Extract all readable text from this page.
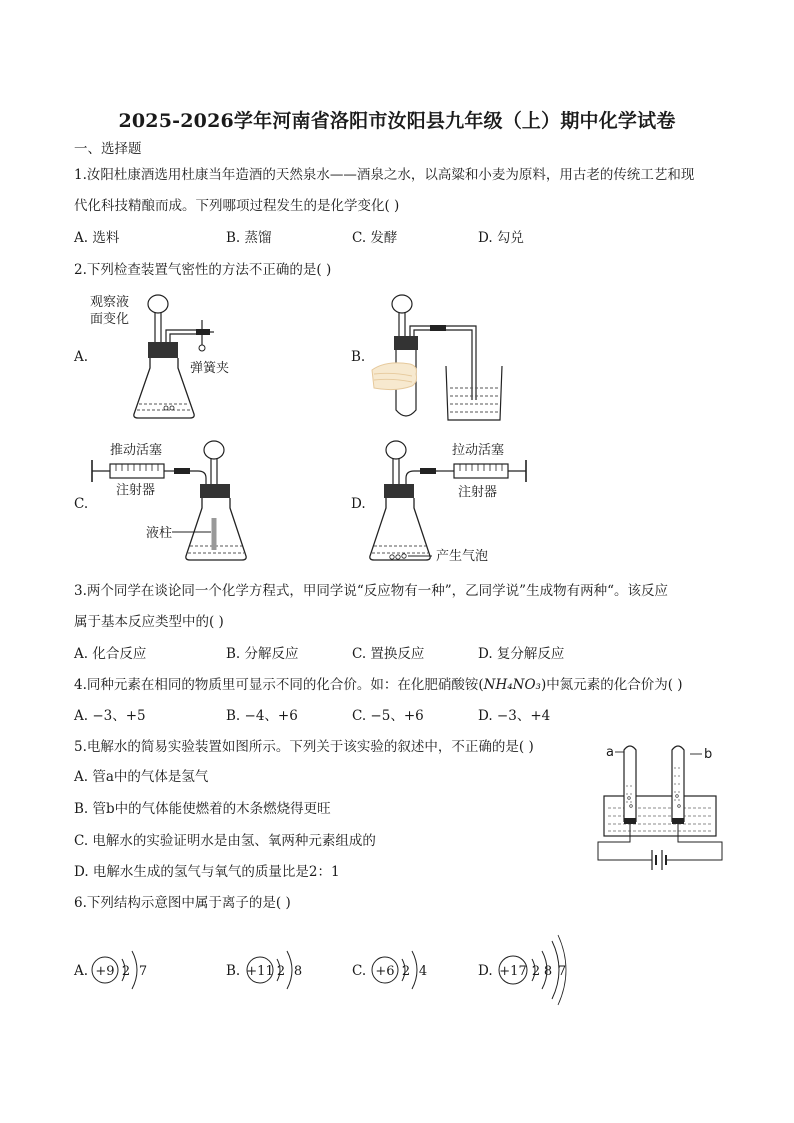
2025-2026学年河南省洛阳市汝阳县九年级（上）期中化学试卷
一、选择题
1.汝阳杜康酒选用杜康当年造酒的天然泉水——酒泉之水，以高粱和小麦为原料，用古老的传统工艺和现
代化科技精酿而成。下列哪项过程发生的是化学变化( )
A. 选料	B. 蒸馏	C. 发酵	D. 勾兑
2.下列检查装置气密性的方法不正确的是( )
A.	B.
C.	D.
观察液
面变化
弹簧夹
推动活塞
注射器
液柱
拉动活塞
注射器
产生气泡
3.两个同学在谈论同一个化学方程式，甲同学说“反应物有一种”，乙同学说”生成物有两种“。该反应
属于基本反应类型中的( )
A. 化合反应	B. 分解反应	C. 置换反应	D. 复分解反应
4.同种元素在相同的物质里可显示不同的化合价。如：在化肥硝酸铵(NH₄NO₃)中氮元素的化合价为( )
A. −3、+5	B. −4、+6	C. −5、+6	D. −3、+4
5.电解水的简易实验装置如图所示。下列关于该实验的叙述中，不正确的是( )
A. 管a中的气体是氢气
B. 管b中的气体能使燃着的木条燃烧得更旺
C. 电解水的实验证明水是由氢、氧两种元素组成的
D. 电解水生成的氢气与氧气的质量比是2：1
a	b
6.下列结构示意图中属于离子的是( )
A. +9 2 7	B. +11 2 8	C. +6 2 4	D. +17 2 8 7
